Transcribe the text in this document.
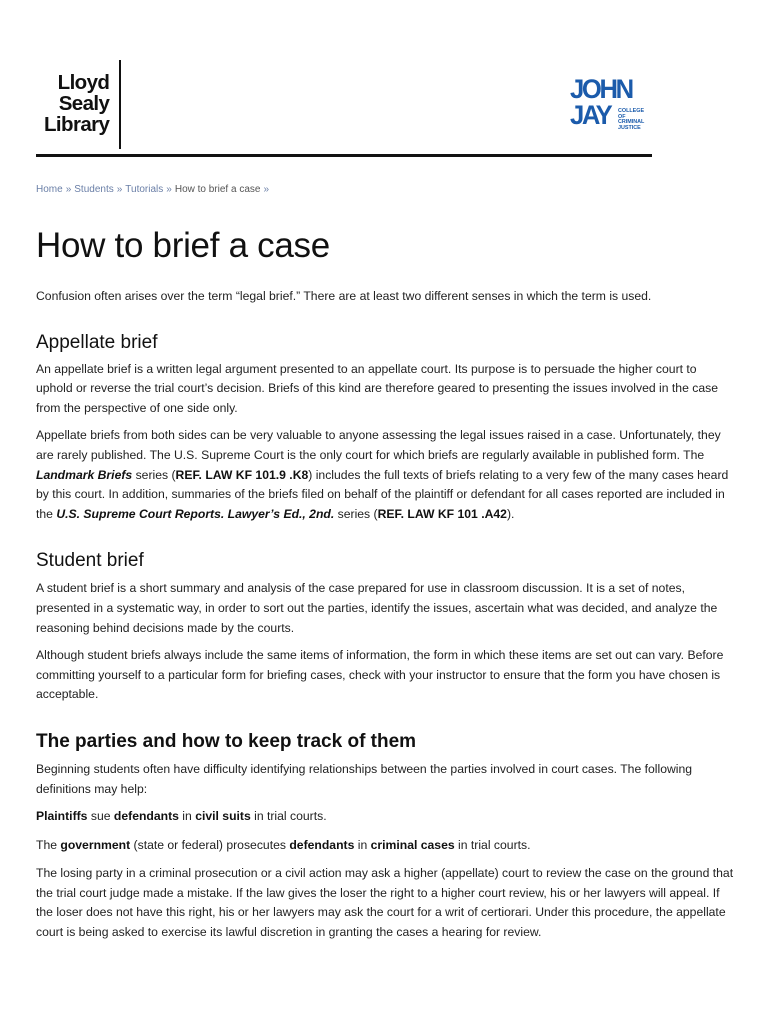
Lloyd
Sealy
Library
JOHN
JAY COLLEGE
OF
CRIMINAL
JUSTICE
Home » Students » Tutorials » How to brief a case »
How to brief a case

Confusion often arises over the term “legal brief.” There are at least two different senses in which the term is used.

Appellate brief

An appellate brief is a written legal argument presented to an appellate court. Its purpose is to persuade the higher court to uphold or reverse the trial court’s decision. Briefs of this kind are therefore geared to presenting the issues involved in the case from the perspective of one side only.

Appellate briefs from both sides can be very valuable to anyone assessing the legal issues raised in a case. Unfortunately, they are rarely published. The U.S. Supreme Court is the only court for which briefs are regularly available in published form. The Landmark Briefs series (REF. LAW KF 101.9 .K8) includes the full texts of briefs relating to a very few of the many cases heard by this court. In addition, summaries of the briefs filed on behalf of the plaintiff or defendant for all cases reported are included in the U.S. Supreme Court Reports. Lawyer’s Ed., 2nd. series (REF. LAW KF 101 .A42).

Student brief

A student brief is a short summary and analysis of the case prepared for use in classroom discussion. It is a set of notes, presented in a systematic way, in order to sort out the parties, identify the issues, ascertain what was decided, and analyze the reasoning behind decisions made by the courts.

Although student briefs always include the same items of information, the form in which these items are set out can vary. Before committing yourself to a particular form for briefing cases, check with your instructor to ensure that the form you have chosen is acceptable.

The parties and how to keep track of them

Beginning students often have difficulty identifying relationships between the parties involved in court cases. The following definitions may help:

Plaintiffs sue defendants in civil suits in trial courts.

The government (state or federal) prosecutes defendants in criminal cases in trial courts.

The losing party in a criminal prosecution or a civil action may ask a higher (appellate) court to review the case on the ground that the trial court judge made a mistake. If the law gives the loser the right to a higher court review, his or her lawyers will appeal. If the loser does not have this right, his or her lawyers may ask the court for a writ of certiorari. Under this procedure, the appellate court is being asked to exercise its lawful discretion in granting the cases a hearing for review.
